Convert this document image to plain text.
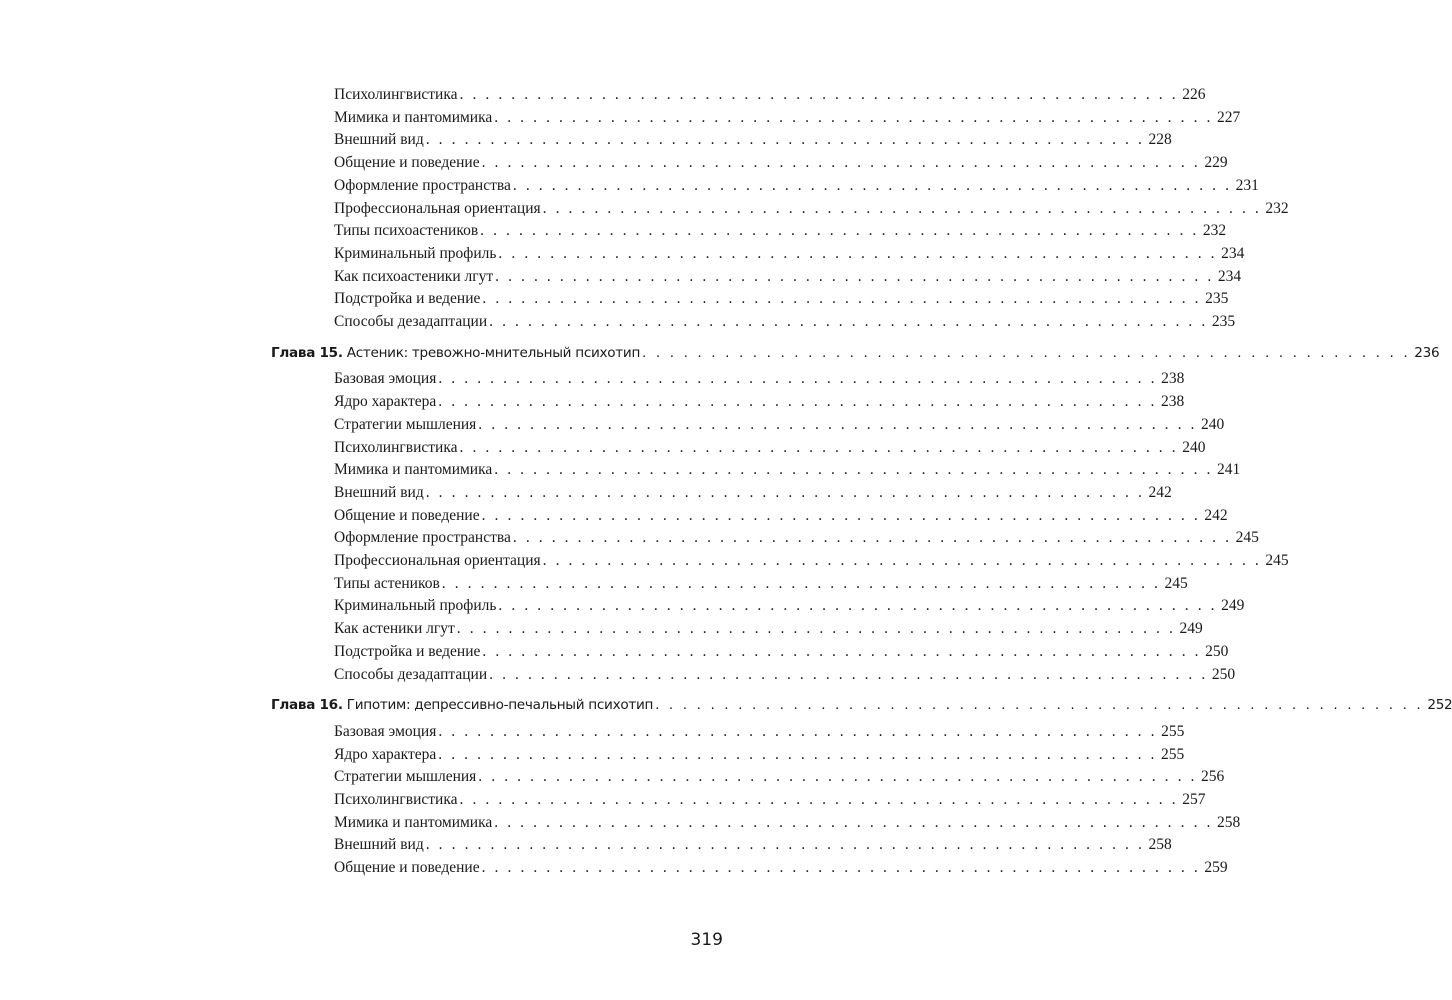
Психолингвистика . . . . . . . . . . . . . . . . . . . . . . . . . . . . . . . . . . . . . . . . . . . . . . . . . . . . . . . . 226
Мимика и пантомимика . . . . . . . . . . . . . . . . . . . . . . . . . . . . . . . . . . . . . . . . . . . . . . . . . . . . . . . . 227
Внешний вид . . . . . . . . . . . . . . . . . . . . . . . . . . . . . . . . . . . . . . . . . . . . . . . . . . . . . . . . 228
Общение и поведение . . . . . . . . . . . . . . . . . . . . . . . . . . . . . . . . . . . . . . . . . . . . . . . . . . . . . . . . 229
Оформление пространства . . . . . . . . . . . . . . . . . . . . . . . . . . . . . . . . . . . . . . . . . . . . . . . . . . . . . . . . 231
Профессиональная ориентация . . . . . . . . . . . . . . . . . . . . . . . . . . . . . . . . . . . . . . . . . . . . . . . . . . . . . . . . 232
Типы психоастеников . . . . . . . . . . . . . . . . . . . . . . . . . . . . . . . . . . . . . . . . . . . . . . . . . . . . . . . . 232
Криминальный профиль . . . . . . . . . . . . . . . . . . . . . . . . . . . . . . . . . . . . . . . . . . . . . . . . . . . . . . . . 234
Как психоастеники лгут . . . . . . . . . . . . . . . . . . . . . . . . . . . . . . . . . . . . . . . . . . . . . . . . . . . . . . . . 234
Подстройка и ведение . . . . . . . . . . . . . . . . . . . . . . . . . . . . . . . . . . . . . . . . . . . . . . . . . . . . . . . . 235
Способы дезадаптации . . . . . . . . . . . . . . . . . . . . . . . . . . . . . . . . . . . . . . . . . . . . . . . . . . . . . . . . 235
Глава 15. Астеник: тревожно-мнительный психотип . . . . . . . . . . . . . . . . . . . . . . . . . . . . . . . . . . . . . . . . . . . . . . . . . . . . . . . . 236
Базовая эмоция . . . . . . . . . . . . . . . . . . . . . . . . . . . . . . . . . . . . . . . . . . . . . . . . . . . . . . . . 238
Ядро характера . . . . . . . . . . . . . . . . . . . . . . . . . . . . . . . . . . . . . . . . . . . . . . . . . . . . . . . . 238
Стратегии мышления . . . . . . . . . . . . . . . . . . . . . . . . . . . . . . . . . . . . . . . . . . . . . . . . . . . . . . . . 240
Психолингвистика . . . . . . . . . . . . . . . . . . . . . . . . . . . . . . . . . . . . . . . . . . . . . . . . . . . . . . . . 240
Мимика и пантомимика . . . . . . . . . . . . . . . . . . . . . . . . . . . . . . . . . . . . . . . . . . . . . . . . . . . . . . . . 241
Внешний вид . . . . . . . . . . . . . . . . . . . . . . . . . . . . . . . . . . . . . . . . . . . . . . . . . . . . . . . . 242
Общение и поведение . . . . . . . . . . . . . . . . . . . . . . . . . . . . . . . . . . . . . . . . . . . . . . . . . . . . . . . . 242
Оформление пространства . . . . . . . . . . . . . . . . . . . . . . . . . . . . . . . . . . . . . . . . . . . . . . . . . . . . . . . . 245
Профессиональная ориентация . . . . . . . . . . . . . . . . . . . . . . . . . . . . . . . . . . . . . . . . . . . . . . . . . . . . . . . . 245
Типы астеников . . . . . . . . . . . . . . . . . . . . . . . . . . . . . . . . . . . . . . . . . . . . . . . . . . . . . . . . 245
Криминальный профиль . . . . . . . . . . . . . . . . . . . . . . . . . . . . . . . . . . . . . . . . . . . . . . . . . . . . . . . . 249
Как астеники лгут . . . . . . . . . . . . . . . . . . . . . . . . . . . . . . . . . . . . . . . . . . . . . . . . . . . . . . . . 249
Подстройка и ведение . . . . . . . . . . . . . . . . . . . . . . . . . . . . . . . . . . . . . . . . . . . . . . . . . . . . . . . . 250
Способы дезадаптации . . . . . . . . . . . . . . . . . . . . . . . . . . . . . . . . . . . . . . . . . . . . . . . . . . . . . . . . 250
Глава 16. Гипотим: депрессивно-печальный психотип . . . . . . . . . . . . . . . . . . . . . . . . . . . . . . . . . . . . . . . . . . . . . . . . . . . . . . . . 252
Базовая эмоция . . . . . . . . . . . . . . . . . . . . . . . . . . . . . . . . . . . . . . . . . . . . . . . . . . . . . . . . 255
Ядро характера . . . . . . . . . . . . . . . . . . . . . . . . . . . . . . . . . . . . . . . . . . . . . . . . . . . . . . . . 255
Стратегии мышления . . . . . . . . . . . . . . . . . . . . . . . . . . . . . . . . . . . . . . . . . . . . . . . . . . . . . . . . 256
Психолингвистика . . . . . . . . . . . . . . . . . . . . . . . . . . . . . . . . . . . . . . . . . . . . . . . . . . . . . . . . 257
Мимика и пантомимика . . . . . . . . . . . . . . . . . . . . . . . . . . . . . . . . . . . . . . . . . . . . . . . . . . . . . . . . 258
Внешний вид . . . . . . . . . . . . . . . . . . . . . . . . . . . . . . . . . . . . . . . . . . . . . . . . . . . . . . . . 258
Общение и поведение . . . . . . . . . . . . . . . . . . . . . . . . . . . . . . . . . . . . . . . . . . . . . . . . . . . . . . . . 259
319
